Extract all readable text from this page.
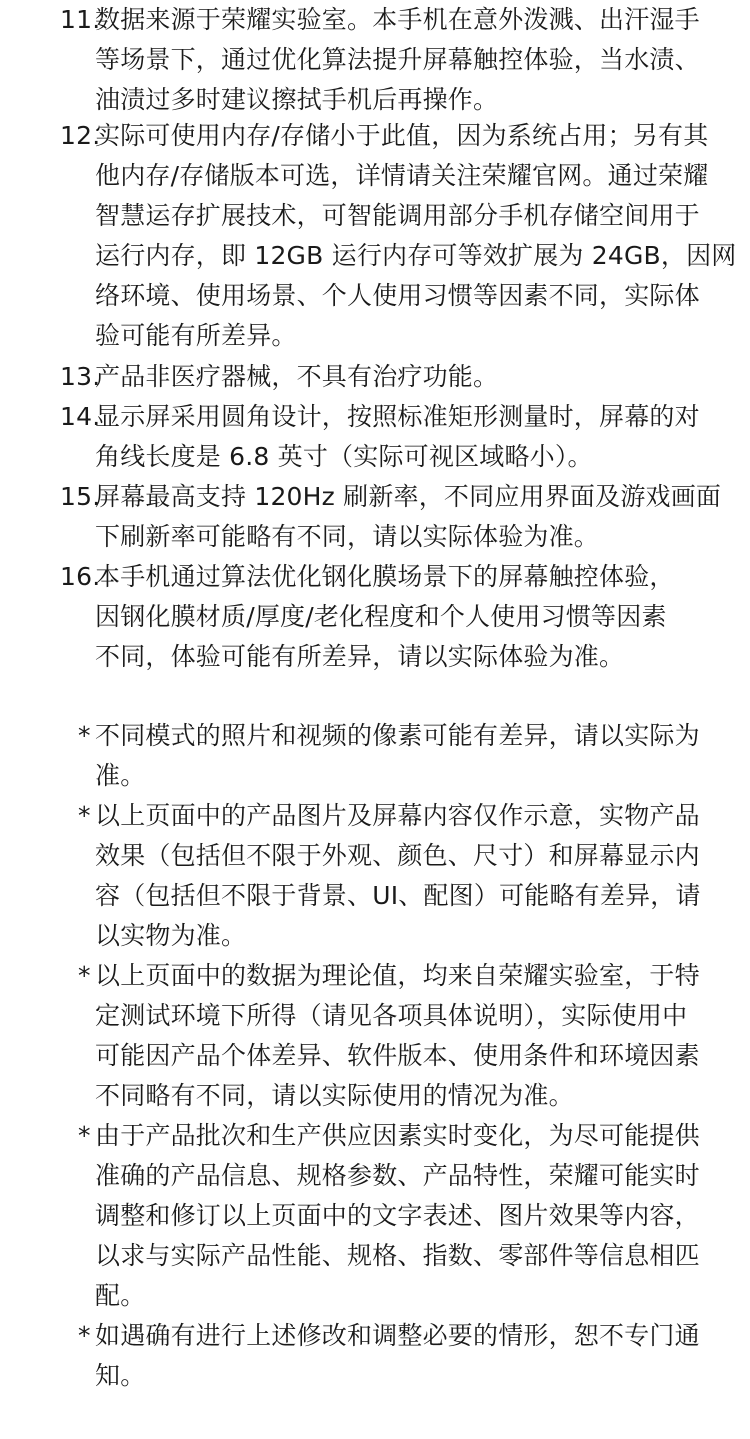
11.
数据来源于荣耀实验室。本手机在意外泼溅、出汗湿手
等场景下，通过优化算法提升屏幕触控体验，当水渍、
油渍过多时建议擦拭手机后再操作。
12.
实际可使用内存/存储小于此值，因为系统占用；另有其
他内存/存储版本可选，详情请关注荣耀官网。通过荣耀
智慧运存扩展技术，可智能调用部分手机存储空间用于
运行内存，即 12GB 运行内存可等效扩展为 24GB，因网
络环境、使用场景、个人使用习惯等因素不同，实际体
验可能有所差异。
13.
产品非医疗器械，不具有治疗功能。
14.
显示屏采用圆角设计，按照标准矩形测量时，屏幕的对
角线长度是 6.8 英寸（实际可视区域略小）。
15.
屏幕最高支持 120Hz 刷新率，不同应用界面及游戏画面
下刷新率可能略有不同，请以实际体验为准。
16.
本手机通过算法优化钢化膜场景下的屏幕触控体验，
因钢化膜材质/厚度/老化程度和个人使用习惯等因素
不同，体验可能有所差异，请以实际体验为准。
* 不同模式的照片和视频的像素可能有差异，请以实际为
准。
* 以上页面中的产品图片及屏幕内容仅作示意，实物产品
效果（包括但不限于外观、颜色、尺寸）和屏幕显示内
容（包括但不限于背景、UI、配图）可能略有差异，请
以实物为准。
* 以上页面中的数据为理论值，均来自荣耀实验室，于特
定测试环境下所得（请见各项具体说明），实际使用中
可能因产品个体差异、软件版本、使用条件和环境因素
不同略有不同，请以实际使用的情况为准。
* 由于产品批次和生产供应因素实时变化，为尽可能提供
准确的产品信息、规格参数、产品特性，荣耀可能实时
调整和修订以上页面中的文字表述、图片效果等内容，
以求与实际产品性能、规格、指数、零部件等信息相匹
配。
* 如遇确有进行上述修改和调整必要的情形，恕不专门通
知。
